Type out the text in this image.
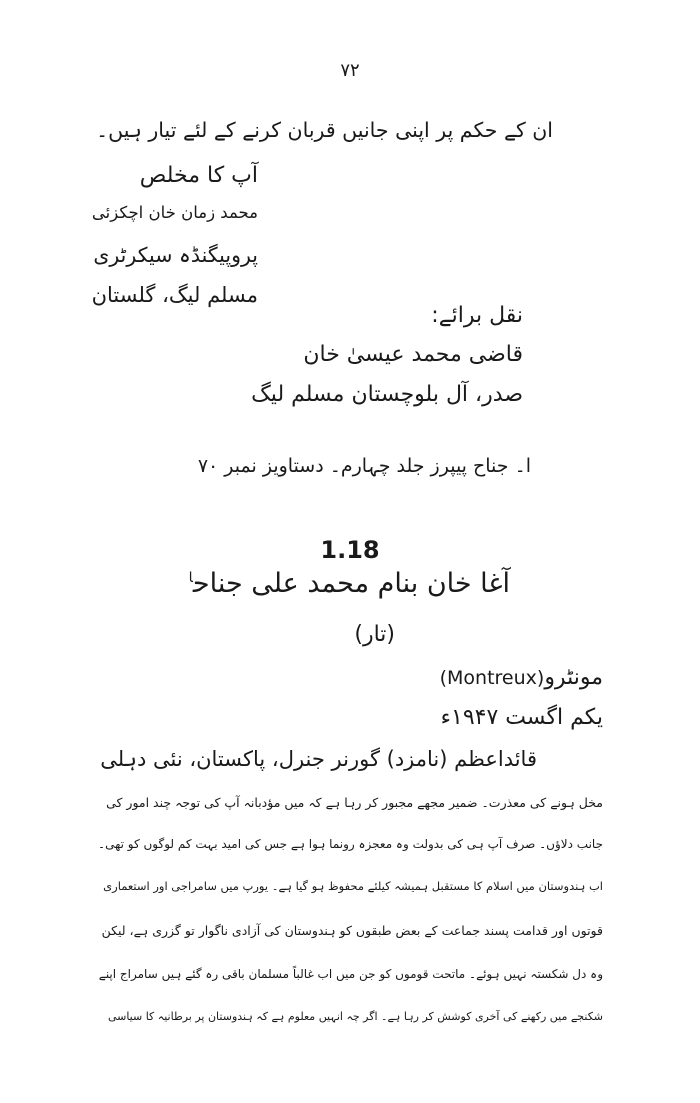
۷۲
ان کے حکم پر اپنی جانیں قربان کرنے کے لئے تیار ہیں۔
آپ کا مخلص
محمد زمان خان اچکزئی
پروپیگنڈہ سیکرٹری
مسلم لیگ، گلستان
نقل برائے:
قاضی محمد عیسیٰ خان
صدر، آل بلوچستان مسلم لیگ
ا۔ جناح پیپرز جلد چہارم۔ دستاویز نمبر ۷۰
1.18
آغا خان بنام محمد علی جناح$^ا$
(تار)
مونٹرو(Montreux)
یکم اگست ۱۹۴۷ء
قائداعظم (نامزد) گورنر جنرل، پاکستان، نئی دہلی
مخل ہونے کی معذرت۔ ضمیر مجھے مجبور کر رہا ہے کہ میں مؤدبانہ آپ کی توجہ چند امور کی
جانب دلاؤں۔ صرف آپ ہی کی بدولت وہ معجزہ رونما ہوا ہے جس کی امید بہت کم لوگوں کو تھی۔
اب ہندوستان میں اسلام کا مستقبل ہمیشہ کیلئے محفوظ ہو گیا ہے۔ یورپ میں سامراجی اور استعماری
قوتوں اور قدامت پسند جماعت کے بعض طبقوں کو ہندوستان کی آزادی ناگوار تو گزری ہے، لیکن
وہ دل شکستہ نہیں ہوئے۔ ماتحت قوموں کو جن میں اب غالباً مسلمان باقی رہ گئے ہیں سامراج اپنے
شکنجے میں رکھنے کی آخری کوشش کر رہا ہے۔ اگر چہ انہیں معلوم ہے کہ ہندوستان پر برطانیہ کا سیاسی
